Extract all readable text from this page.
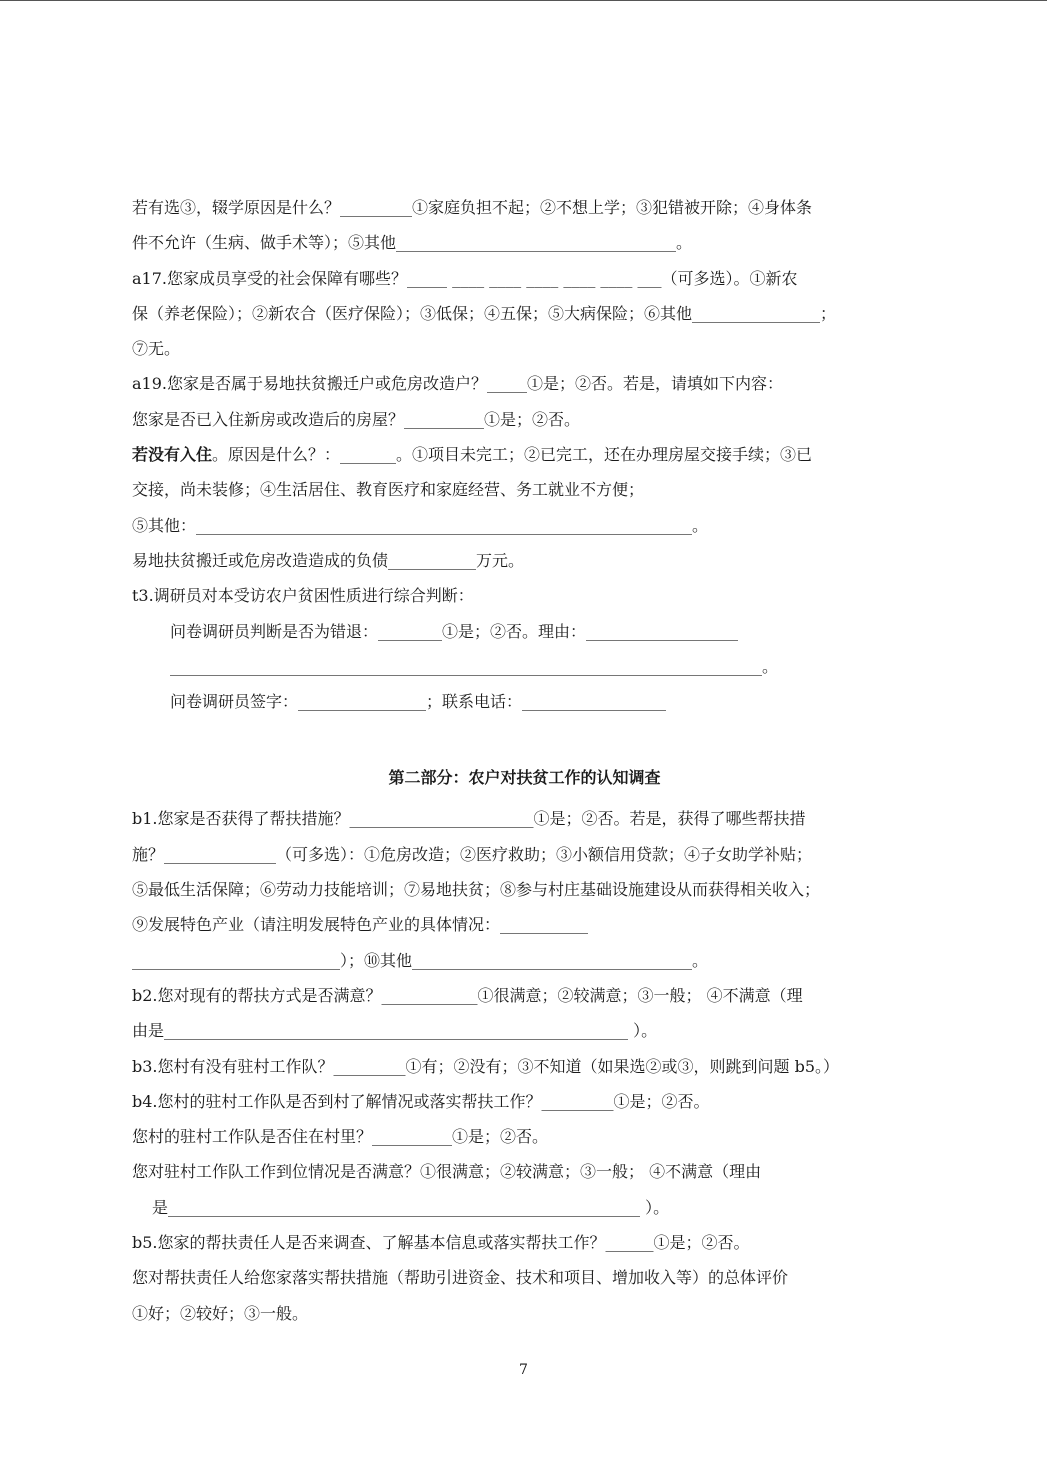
若有选③，辍学原因是什么？_________①家庭负担不起；②不想上学；③犯错被开除；④身体条
件不允许（生病、做手术等）；⑤其他___________________________________。
a17.您家成员享受的社会保障有哪些？_____ ____ ____ ____ ____ ____ ___（可多选）。①新农
保（养老保险）；②新农合（医疗保险）；③低保；④五保；⑤大病保险；⑥其他________________；
⑦无。
a19.您家是否属于易地扶贫搬迁户或危房改造户？_____①是；②否。若是，请填如下内容：
您家是否已入住新房或改造后的房屋？__________①是；②否。
若没有入住。原因是什么？：_______。①项目未完工；②已完工，还在办理房屋交接手续；③已
交接，尚未装修；④生活居住、教育医疗和家庭经营、务工就业不方便；
⑤其他：______________________________________________________________。
易地扶贫搬迁或危房改造造成的负债___________万元。
t3.调研员对本受访农户贫困性质进行综合判断：
问卷调研员判断是否为错退：________①是；②否。理由：___________________
__________________________________________________________________________。
问卷调研员签字：________________；联系电话：__________________
第二部分：农户对扶贫工作的认知调查
b1.您家是否获得了帮扶措施？_______________________①是；②否。若是，获得了哪些帮扶措
施？______________（可多选）：①危房改造；②医疗救助；③小额信用贷款；④子女助学补贴；
⑤最低生活保障；⑥劳动力技能培训；⑦易地扶贫；⑧参与村庄基础设施建设从而获得相关收入；
⑨发展特色产业（请注明发展特色产业的具体情况：___________
__________________________）；⑩其他___________________________________。
b2.您对现有的帮扶方式是否满意？____________①很满意；②较满意；③一般； ④不满意（理
由是__________________________________________________________ ）。
b3.您村有没有驻村工作队？_________①有；②没有；③不知道（如果选②或③，则跳到问题 b5。）
b4.您村的驻村工作队是否到村了解情况或落实帮扶工作？_________①是；②否。
您村的驻村工作队是否住在村里？__________①是；②否。
您对驻村工作队工作到位情况是否满意？①很满意；②较满意；③一般； ④不满意（理由
是___________________________________________________________ ）。
b5.您家的帮扶责任人是否来调查、了解基本信息或落实帮扶工作？______①是；②否。
您对帮扶责任人给您家落实帮扶措施（帮助引进资金、技术和项目、增加收入等）的总体评价
①好；②较好；③一般。
7
